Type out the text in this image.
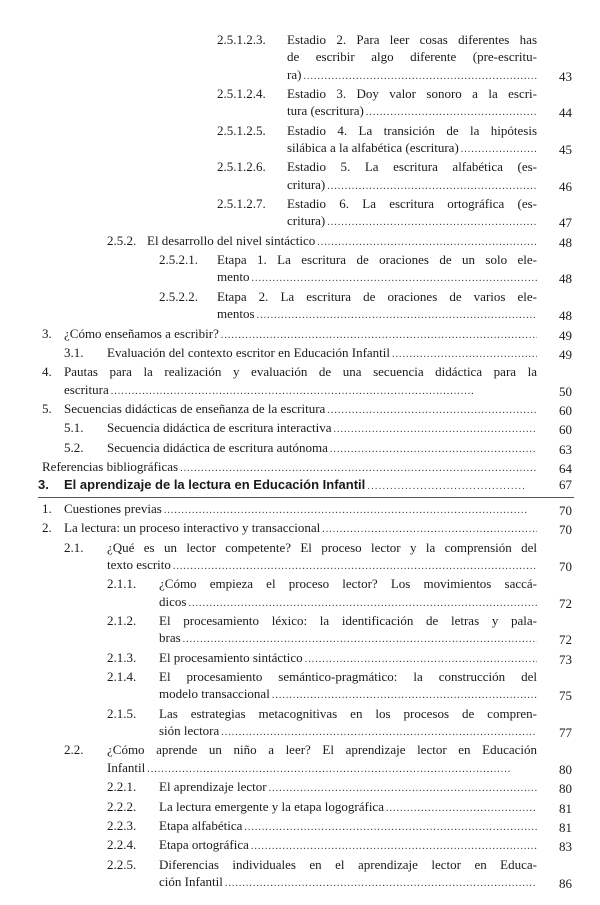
2.5.1.2.3.	Estadio 2. Para leer cosas diferentes has
de escribir algo diferente (pre-escritu-
ra) .....	43
2.5.1.2.4.	Estadio 3. Doy valor sonoro a la escri-
tura (escritura) .....	44
2.5.1.2.5.	Estadio 4. La transición de la hipótesis
silábica a la alfabética (escritura) .....	45
2.5.1.2.6.	Estadio 5. La escritura alfabética (es-
critura) .....	46
2.5.1.2.7.	Estadio 6. La escritura ortográfica (es-
critura) .....	47
2.5.2. El desarrollo del nivel sintáctico .....	48
2.5.2.1.	Etapa 1. La escritura de oraciones de un solo ele-
mento .....	48
2.5.2.2.	Etapa 2. La escritura de oraciones de varios ele-
mentos .....	48
3. ¿Cómo enseñamos a escribir? .....	49
3.1.	Evaluación del contexto escritor en Educación Infantil .....	49
4. Pautas para la realización y evaluación de una secuencia didáctica para la
escritura .....	50
5. Secuencias didácticas de enseñanza de la escritura .....	60
5.1.	Secuencia didáctica de escritura interactiva .....	60
5.2.	Secuencia didáctica de escritura autónoma .....	63
Referencias bibliográficas .....	64
3.	El aprendizaje de la lectura en Educación Infantil .....	67
1. Cuestiones previas .....	70
2. La lectura: un proceso interactivo y transaccional .....	70
2.1.	¿Qué es un lector competente? El proceso lector y la comprensión del
texto escrito .....	70
2.1.1.	¿Cómo empieza el proceso lector? Los movimientos saccá-
dicos .....	72
2.1.2.	El procesamiento léxico: la identificación de letras y pala-
bras .....	72
2.1.3.	El procesamiento sintáctico .....	73
2.1.4.	El procesamiento semántico-pragmático: la construcción del
modelo transaccional .....	75
2.1.5.	Las estrategias metacognitivas en los procesos de compren-
sión lectora .....	77
2.2.	¿Cómo aprende un niño a leer? El aprendizaje lector en Educación
Infantil .....	80
2.2.1.	El aprendizaje lector .....	80
2.2.2.	La lectura emergente y la etapa logográfica .....	81
2.2.3.	Etapa alfabética .....	81
2.2.4.	Etapa ortográfica .....	83
2.2.5.	Diferencias individuales en el aprendizaje lector en Educa-
ción Infantil .....	86
